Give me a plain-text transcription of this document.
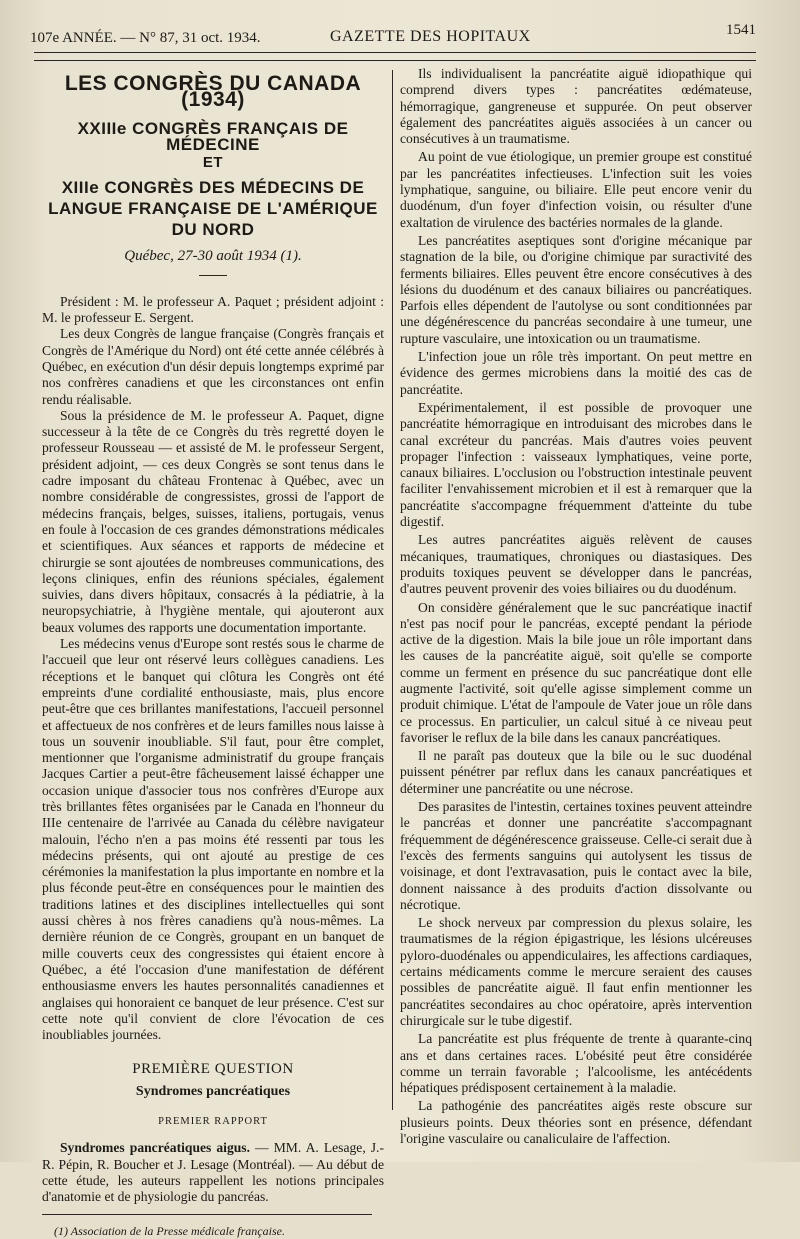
107e ANNÉE. — N° 87, 31 oct. 1934.	GAZETTE DES HOPITAUX	1541
LES CONGRÈS DU CANADA (1934)
XXIIIe CONGRÈS FRANÇAIS DE MÉDECINE
ET
XIIIe CONGRÈS DES MÉDECINS DE LANGUE FRANÇAISE DE L'AMÉRIQUE DU NORD
Québec, 27-30 août 1934 (1).

Président : M. le professeur A. Paquet ; président adjoint : M. le professeur E. Sergent.

Les deux Congrès de langue française (Congrès français et Congrès de l'Amérique du Nord) ont été cette année célébrés à Québec, en exécution d'un désir depuis longtemps exprimé par nos confrères canadiens et que les circonstances ont enfin rendu réalisable.

Sous la présidence de M. le professeur A. Paquet, digne successeur à la tête de ce Congrès du très regretté doyen le professeur Rousseau — et assisté de M. le professeur Sergent, président adjoint, — ces deux Congrès se sont tenus dans le cadre imposant du château Frontenac à Québec, avec un nombre considérable de congressistes, grossi de l'apport de médecins français, belges, suisses, italiens, portugais, venus en foule à l'occasion de ces grandes démonstrations médicales et scientifiques. Aux séances et rapports de médecine et chirurgie se sont ajoutées de nombreuses communications, des leçons cliniques, enfin des réunions spéciales, également suivies, dans divers hôpitaux, consacrés à la pédiatrie, à la neuropsychiatrie, à l'hygiène mentale, qui ajouteront aux beaux volumes des rapports une documentation importante.

Les médecins venus d'Europe sont restés sous le charme de l'accueil que leur ont réservé leurs collègues canadiens. Les réceptions et le banquet qui clôtura les Congrès ont été empreints d'une cordialité enthousiaste, mais, plus encore peut-être que ces brillantes manifestations, l'accueil personnel et affectueux de nos confrères et de leurs familles nous laisse à tous un souvenir inoubliable. S'il faut, pour être complet, mentionner que l'organisme administratif du groupe français Jacques Cartier a peut-être fâcheusement laissé échapper une occasion unique d'associer tous nos confrères d'Europe aux très brillantes fêtes organisées par le Canada en l'honneur du IIIe centenaire de l'arrivée au Canada du célèbre navigateur malouin, l'écho n'en a pas moins été ressenti par tous les médecins présents, qui ont ajouté au prestige de ces cérémonies la manifestation la plus importante en nombre et la plus féconde peut-être en conséquences pour le maintien des traditions latines et des disciplines intellectuelles qui sont aussi chères à nos frères canadiens qu'à nous-mêmes. La dernière réunion de ce Congrès, groupant en un banquet de mille couverts ceux des congressistes qui étaient encore à Québec, a été l'occasion d'une manifestation de déférent enthousiasme envers les hautes personnalités canadiennes et anglaises qui honoraient ce banquet de leur présence. C'est sur cette note qu'il convient de clore l'évocation de ces inoubliables journées.

PREMIÈRE QUESTION
Syndromes pancréatiques
PREMIER RAPPORT

Syndromes pancréatiques aigus. — MM. A. Lesage, J.-R. Pépin, R. Boucher et J. Lesage (Montréal). — Au début de cette étude, les auteurs rappellent les notions principales d'anatomie et de physiologie du pancréas.

(1) Association de la Presse médicale française.

Ils individualisent la pancréatite aiguë idiopathique qui comprend divers types : pancréatites œdémateuse, hémorragique, gangreneuse et suppurée. On peut observer également des pancréatites aiguës associées à un cancer ou consécutives à un traumatisme.

Au point de vue étiologique, un premier groupe est constitué par les pancréatites infectieuses. L'infection suit les voies lymphatique, sanguine, ou biliaire. Elle peut encore venir du duodénum, d'un foyer d'infection voisin, ou résulter d'une exaltation de virulence des bactéries normales de la glande.

Les pancréatites aseptiques sont d'origine mécanique par stagnation de la bile, ou d'origine chimique par suractivité des ferments biliaires. Elles peuvent être encore consécutives à des lésions du duodénum et des canaux biliaires ou pancréatiques. Parfois elles dépendent de l'autolyse ou sont conditionnées par une dégénérescence du pancréas secondaire à une tumeur, une rupture vasculaire, une intoxication ou un traumatisme.

L'infection joue un rôle très important. On peut mettre en évidence des germes microbiens dans la moitié des cas de pancréatite.

Expérimentalement, il est possible de provoquer une pancréatite hémorragique en introduisant des microbes dans le canal excréteur du pancréas. Mais d'autres voies peuvent propager l'infection : vaisseaux lymphatiques, veine porte, canaux biliaires. L'occlusion ou l'obstruction intestinale peuvent faciliter l'envahissement microbien et il est à remarquer que la pancréatite s'accompagne fréquemment d'atteinte du tube digestif.

Les autres pancréatites aiguës relèvent de causes mécaniques, traumatiques, chroniques ou diastasiques. Des produits toxiques peuvent se développer dans le pancréas, d'autres peuvent provenir des voies biliaires ou du duodénum.

On considère généralement que le suc pancréatique inactif n'est pas nocif pour le pancréas, excepté pendant la période active de la digestion. Mais la bile joue un rôle important dans les causes de la pancréatite aiguë, soit qu'elle se comporte comme un ferment en présence du suc pancréatique dont elle augmente l'activité, soit qu'elle agisse simplement comme un produit chimique. L'état de l'ampoule de Vater joue un rôle dans ce processus. En particulier, un calcul situé à ce niveau peut favoriser le reflux de la bile dans les canaux pancréatiques.

Il ne paraît pas douteux que la bile ou le suc duodénal puissent pénétrer par reflux dans les canaux pancréatiques et déterminer une pancréatite ou une nécrose.

Des parasites de l'intestin, certaines toxines peuvent atteindre le pancréas et donner une pancréatite s'accompagnant fréquemment de dégénérescence graisseuse. Celle-ci serait due à l'excès des ferments sanguins qui autolysent les tissus de voisinage, et dont l'extravasation, puis le contact avec la bile, donnent naissance à des produits d'action dissolvante ou nécrotique.

Le shock nerveux par compression du plexus solaire, les traumatismes de la région épigastrique, les lésions ulcéreuses pyloro-duodénales ou appendiculaires, les affections cardiaques, certains médicaments comme le mercure seraient des causes possibles de pancréatite aiguë. Il faut enfin mentionner les pancréatites secondaires au choc opératoire, après intervention chirurgicale sur le tube digestif.

La pancréatite est plus fréquente de trente à quarante-cinq ans et dans certaines races. L'obésité peut être considérée comme un terrain favorable ; l'alcoolisme, les antécédents hépatiques prédisposent certainement à la maladie.

La pathogénie des pancréatites aigës reste obscure sur plusieurs points. Deux théories sont en présence, défendant l'origine vasculaire ou canaliculaire de l'affection.
